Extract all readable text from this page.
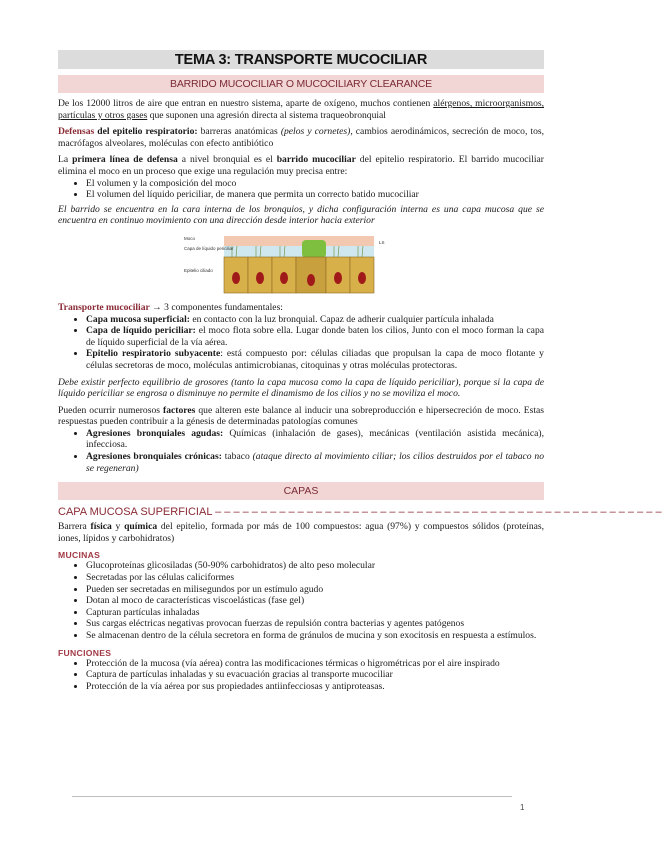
TEMA 3: TRANSPORTE MUCOCILIAR
BARRIDO MUCOCILIAR O MUCOCILIARY CLEARANCE

De los 12000 litros de aire que entran en nuestro sistema, aparte de oxígeno, muchos contienen alérgenos, microorganismos, partículas y otros gases que suponen una agresión directa al sistema traqueobronquial

Defensas del epitelio respiratorio: barreras anatómicas (pelos y cornetes), cambios aerodinámicos, secreción de moco, tos, macrófagos alveolares, moléculas con efecto antibiótico

La primera línea de defensa a nivel bronquial es el barrido mucociliar del epitelio respiratorio. El barrido mucociliar elimina el moco en un proceso que exige una regulación muy precisa entre:

• El volumen y la composición del moco
• El volumen del líquido periciliar, de manera que permita un correcto batido mucociliar

El barrido se encuentra en la cara interna de los bronquios, y dicha configuración interna es una capa mucosa que se encuentra en continuo movimiento con una dirección desde interior hacia exterior

Moco
Capa de líquido periciliar
Epitelio ciliado
LS

Transporte mucociliar → 3 componentes fundamentales:

• Capa mucosa superficial: en contacto con la luz bronquial. Capaz de adherir cualquier partícula inhalada
• Capa de líquido periciliar: el moco flota sobre ella. Lugar donde baten los cilios, Junto con el moco forman la capa de líquido superficial de la vía aérea.
• Epitelio respiratorio subyacente: está compuesto por: células ciliadas que propulsan la capa de moco flotante y células secretoras de moco, moléculas antimicrobianas, citoquinas y otras moléculas protectoras.

Debe existir perfecto equilibrio de grosores (tanto la capa mucosa como la capa de líquido periciliar), porque si la capa de líquido periciliar se engrosa o disminuye no permite el dinamismo de los cilios y no se moviliza el moco.

Pueden ocurrir numerosos factores que alteren este balance al inducir una sobreproducción e hipersecreción de moco. Estas respuestas pueden contribuir a la génesis de determinadas patologías comunes

• Agresiones bronquiales agudas: Químicas (inhalación de gases), mecánicas (ventilación asistida mecánica), infecciosa.
• Agresiones bronquiales crónicas: tabaco (ataque directo al movimiento ciliar; los cilios destruidos por el tabaco no se regeneran)
CAPAS
CAPA MUCOSA SUPERFICIAL – – – – – – – – – – – – – – – – – – – – – – – – – – – – – – – – – – – – – – – – – – – – – – – – –

Barrera física y química del epitelio, formada por más de 100 compuestos: agua (97%) y compuestos sólidos (proteínas, iones, lípidos y carbohidratos)

MUCINAS
• Glucoproteínas glicosiladas (50-90% carbohidratos) de alto peso molecular
• Secretadas por las células caliciformes
• Pueden ser secretadas en milisegundos por un estímulo agudo
• Dotan al moco de características viscoelásticas (fase gel)
• Capturan partículas inhaladas
• Sus cargas eléctricas negativas provocan fuerzas de repulsión contra bacterias y agentes patógenos
• Se almacenan dentro de la célula secretora en forma de gránulos de mucina y son exocitosis en respuesta a estímulos.
FUNCIONES
• Protección de la mucosa (vía aérea) contra las modificaciones térmicas o higrométricas por el aire inspirado
• Captura de partículas inhaladas y su evacuación gracias al transporte mucociliar
• Protección de la vía aérea por sus propiedades antiinfecciosas y antiproteasas.
1
